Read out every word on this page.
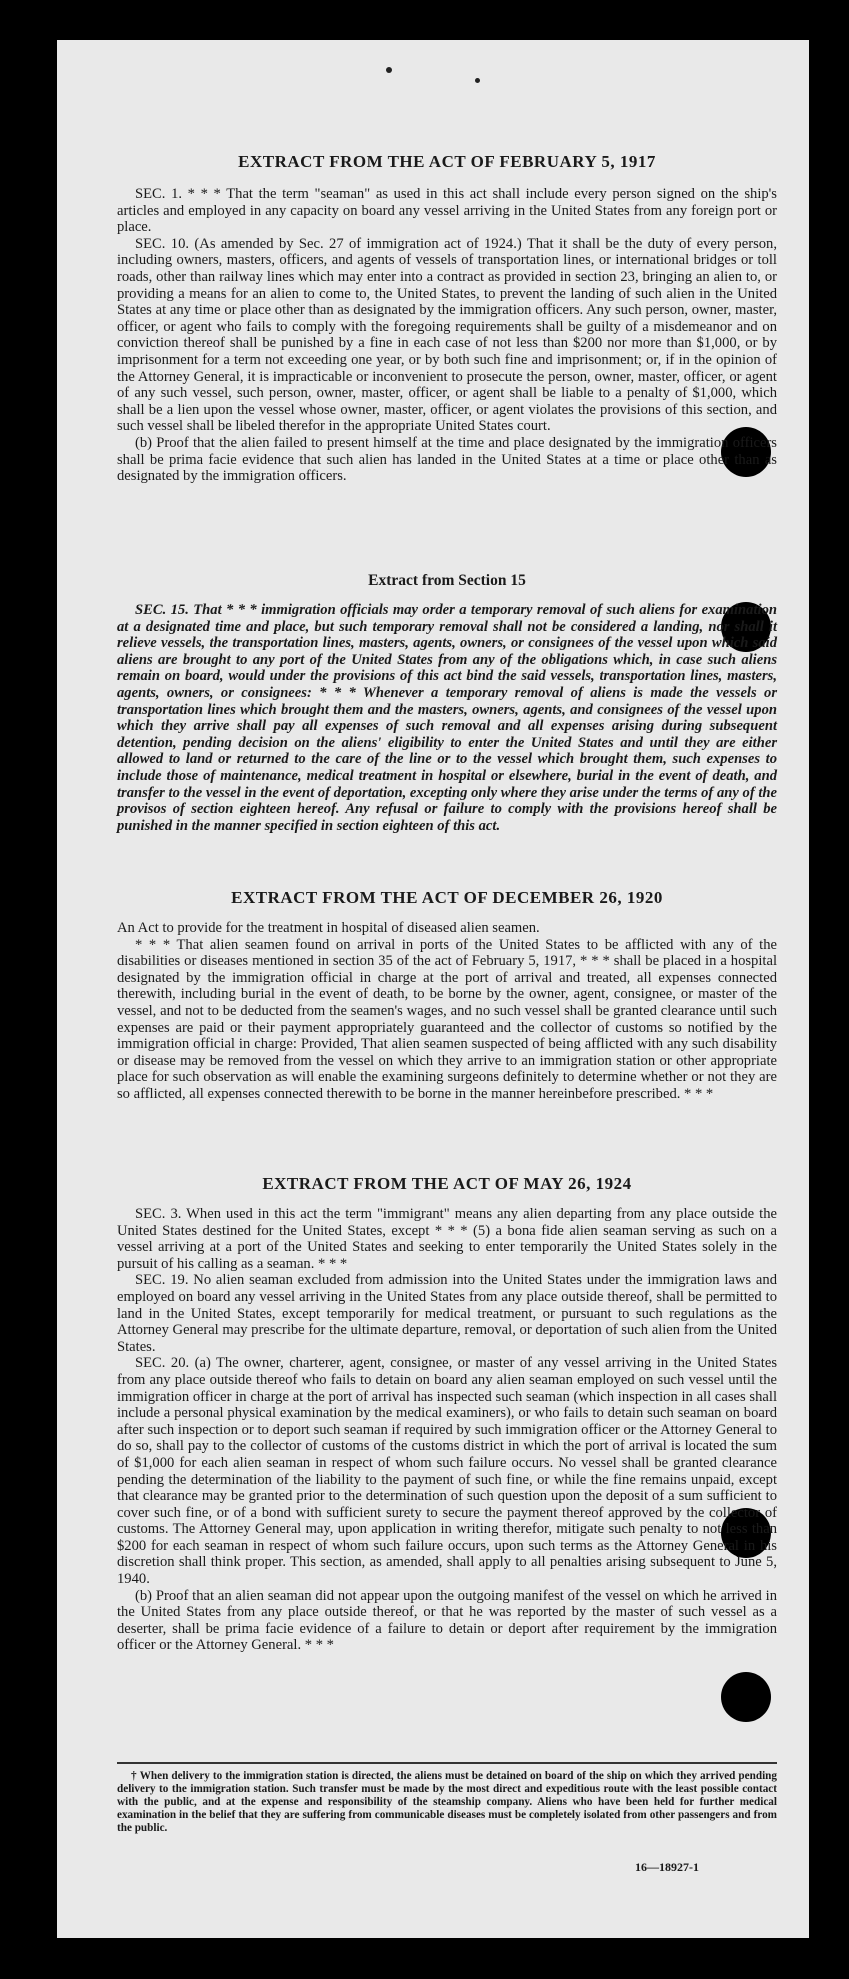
EXTRACT FROM THE ACT OF FEBRUARY 5, 1917

SEC. 1. * * * That the term "seaman" as used in this act shall include every person signed on the ship's articles and employed in any capacity on board any vessel arriving in the United States from any foreign port or place.

SEC. 10. (As amended by Sec. 27 of immigration act of 1924.) That it shall be the duty of every person, including owners, masters, officers, and agents of vessels of transportation lines, or international bridges or toll roads, other than railway lines which may enter into a contract as provided in section 23, bringing an alien to, or providing a means for an alien to come to, the United States, to prevent the landing of such alien in the United States at any time or place other than as designated by the immigration officers. Any such person, owner, master, officer, or agent who fails to comply with the foregoing requirements shall be guilty of a misdemeanor and on conviction thereof shall be punished by a fine in each case of not less than $200 nor more than $1,000, or by imprisonment for a term not exceeding one year, or by both such fine and imprisonment; or, if in the opinion of the Attorney General, it is impracticable or inconvenient to prosecute the person, owner, master, officer, or agent of any such vessel, such person, owner, master, officer, or agent shall be liable to a penalty of $1,000, which shall be a lien upon the vessel whose owner, master, officer, or agent violates the provisions of this section, and such vessel shall be libeled therefor in the appropriate United States court.

(b) Proof that the alien failed to present himself at the time and place designated by the immigration officers shall be prima facie evidence that such alien has landed in the United States at a time or place other than as designated by the immigration officers.

Extract from Section 15

SEC. 15. That * * * immigration officials may order a temporary removal of such aliens for examination at a designated time and place, but such temporary removal shall not be considered a landing, nor shall it relieve vessels, the transportation lines, masters, agents, owners, or consignees of the vessel upon which said aliens are brought to any port of the United States from any of the obligations which, in case such aliens remain on board, would under the provisions of this act bind the said vessels, transportation lines, masters, agents, owners, or consignees: * * * Whenever a temporary removal of aliens is made the vessels or transportation lines which brought them and the masters, owners, agents, and consignees of the vessel upon which they arrive shall pay all expenses of such removal and all expenses arising during subsequent detention, pending decision on the aliens' eligibility to enter the United States and until they are either allowed to land or returned to the care of the line or to the vessel which brought them, such expenses to include those of maintenance, medical treatment in hospital or elsewhere, burial in the event of death, and transfer to the vessel in the event of deportation, excepting only where they arise under the terms of any of the provisos of section eighteen hereof. Any refusal or failure to comply with the provisions hereof shall be punished in the manner specified in section eighteen of this act.

EXTRACT FROM THE ACT OF DECEMBER 26, 1920

An Act to provide for the treatment in hospital of diseased alien seamen.

* * * That alien seamen found on arrival in ports of the United States to be afflicted with any of the disabilities or diseases mentioned in section 35 of the act of February 5, 1917, * * * shall be placed in a hospital designated by the immigration official in charge at the port of arrival and treated, all expenses connected therewith, including burial in the event of death, to be borne by the owner, agent, consignee, or master of the vessel, and not to be deducted from the seamen's wages, and no such vessel shall be granted clearance until such expenses are paid or their payment appropriately guaranteed and the collector of customs so notified by the immigration official in charge: Provided, That alien seamen suspected of being afflicted with any such disability or disease may be removed from the vessel on which they arrive to an immigration station or other appropriate place for such observation as will enable the examining surgeons definitely to determine whether or not they are so afflicted, all expenses connected therewith to be borne in the manner hereinbefore prescribed. * * *

EXTRACT FROM THE ACT OF MAY 26, 1924

SEC. 3. When used in this act the term "immigrant" means any alien departing from any place outside the United States destined for the United States, except * * * (5) a bona fide alien seaman serving as such on a vessel arriving at a port of the United States and seeking to enter temporarily the United States solely in the pursuit of his calling as a seaman. * * *

SEC. 19. No alien seaman excluded from admission into the United States under the immigration laws and employed on board any vessel arriving in the United States from any place outside thereof, shall be permitted to land in the United States, except temporarily for medical treatment, or pursuant to such regulations as the Attorney General may prescribe for the ultimate departure, removal, or deportation of such alien from the United States.

SEC. 20. (a) The owner, charterer, agent, consignee, or master of any vessel arriving in the United States from any place outside thereof who fails to detain on board any alien seaman employed on such vessel until the immigration officer in charge at the port of arrival has inspected such seaman (which inspection in all cases shall include a personal physical examination by the medical examiners), or who fails to detain such seaman on board after such inspection or to deport such seaman if required by such immigration officer or the Attorney General to do so, shall pay to the collector of customs of the customs district in which the port of arrival is located the sum of $1,000 for each alien seaman in respect of whom such failure occurs. No vessel shall be granted clearance pending the determination of the liability to the payment of such fine, or while the fine remains unpaid, except that clearance may be granted prior to the determination of such question upon the deposit of a sum sufficient to cover such fine, or of a bond with sufficient surety to secure the payment thereof approved by the collector of customs. The Attorney General may, upon application in writing therefor, mitigate such penalty to not less than $200 for each seaman in respect of whom such failure occurs, upon such terms as the Attorney General in his discretion shall think proper. This section, as amended, shall apply to all penalties arising subsequent to June 5, 1940.

(b) Proof that an alien seaman did not appear upon the outgoing manifest of the vessel on which he arrived in the United States from any place outside thereof, or that he was reported by the master of such vessel as a deserter, shall be prima facie evidence of a failure to detain or deport after requirement by the immigration officer or the Attorney General. * * *

† When delivery to the immigration station is directed, the aliens must be detained on board of the ship on which they arrived pending delivery to the immigration station. Such transfer must be made by the most direct and expeditious route with the least possible contact with the public, and at the expense and responsibility of the steamship company. Aliens who have been held for further medical examination in the belief that they are suffering from communicable diseases must be completely isolated from other passengers and from the public.

16—18927-1
